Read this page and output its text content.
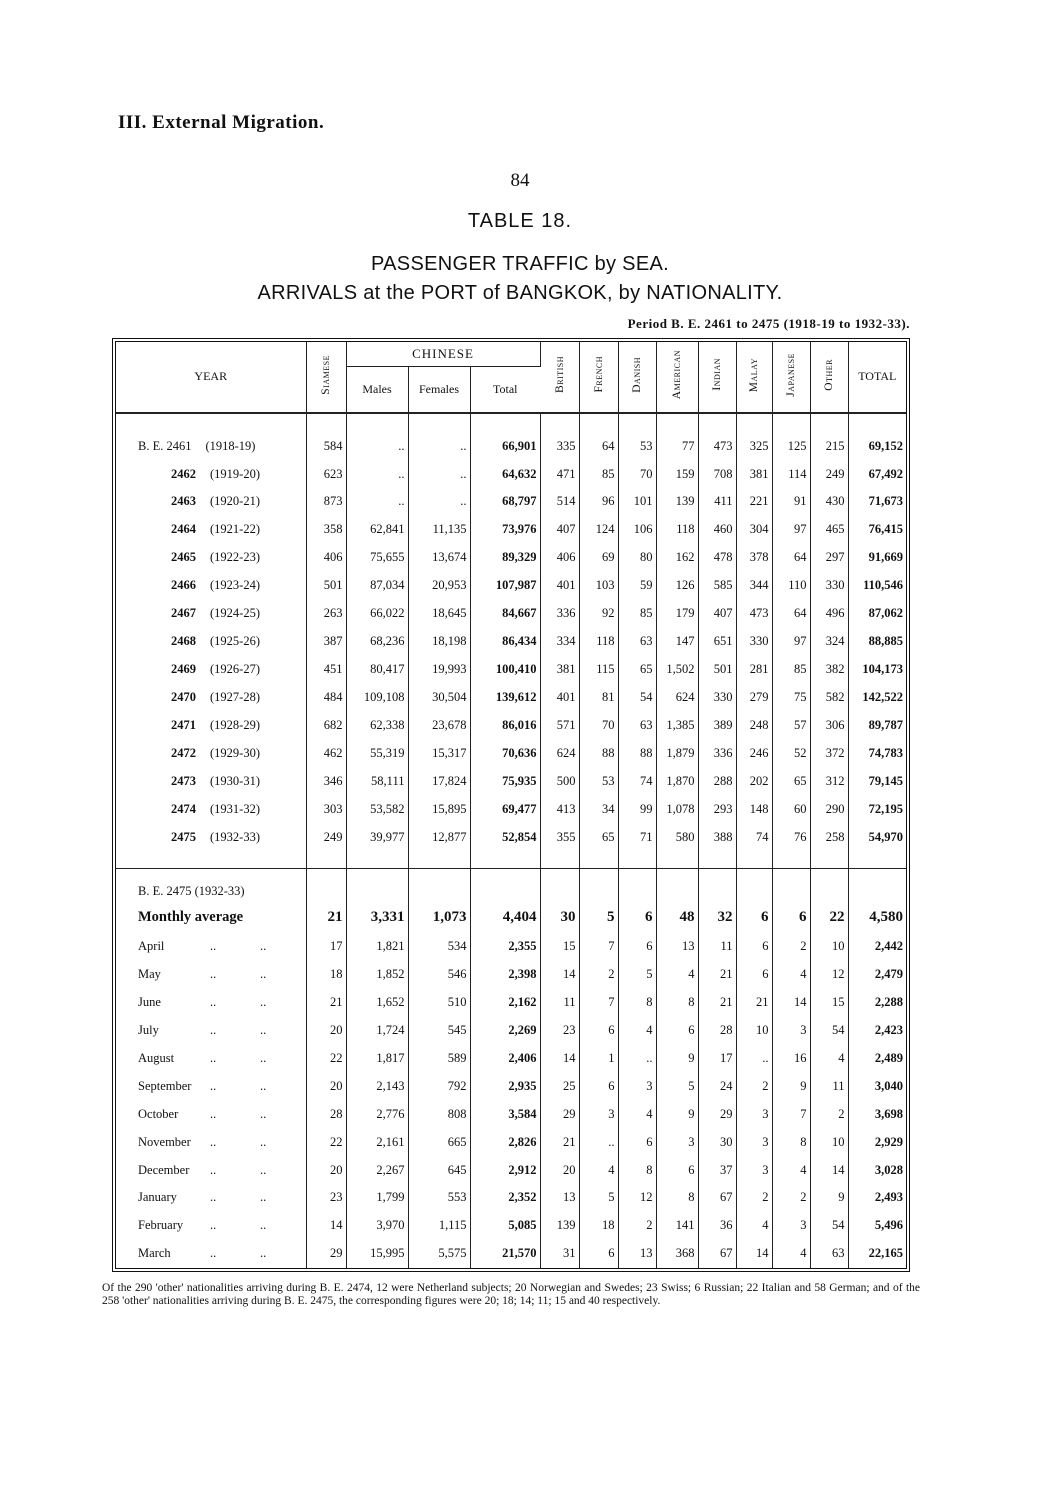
III. External Migration.
84
TABLE 18.
PASSENGER TRAFFIC by SEA.
ARRIVALS at the PORT of BANGKOK, by NATIONALITY.
Period B. E. 2461 to 2475 (1918-19 to 1932-33).
YEAR	Siamese	CHINESE			British	French	Danish	American	Indian	Malay	Japanese	Other	TOTAL
		Males	Females	Total									

B. E. 2461 (1918-19)	584	..	..	66,901	335	64	53	77	473	325	125	215	69,152
2462 (1919-20)	623	..	..	64,632	471	85	70	159	708	381	114	249	67,492
2463 (1920-21)	873	..	..	68,797	514	96	101	139	411	221	91	430	71,673
2464 (1921-22)	358	62,841	11,135	73,976	407	124	106	118	460	304	97	465	76,415
2465 (1922-23)	406	75,655	13,674	89,329	406	69	80	162	478	378	64	297	91,669
2466 (1923-24)	501	87,034	20,953	107,987	401	103	59	126	585	344	110	330	110,546
2467 (1924-25)	263	66,022	18,645	84,667	336	92	85	179	407	473	64	496	87,062
2468 (1925-26)	387	68,236	18,198	86,434	334	118	63	147	651	330	97	324	88,885
2469 (1926-27)	451	80,417	19,993	100,410	381	115	65	1,502	501	281	85	382	104,173
2470 (1927-28)	484	109,108	30,504	139,612	401	81	54	624	330	279	75	582	142,522
2471 (1928-29)	682	62,338	23,678	86,016	571	70	63	1,385	389	248	57	306	89,787
2472 (1929-30)	462	55,319	15,317	70,636	624	88	88	1,879	336	246	52	372	74,783
2473 (1930-31)	346	58,111	17,824	75,935	500	53	74	1,870	288	202	65	312	79,145
2474 (1931-32)	303	53,582	15,895	69,477	413	34	99	1,078	293	148	60	290	72,195
2475 (1932-33)	249	39,977	12,877	52,854	355	65	71	580	388	74	76	258	54,970

B. E. 2475 (1932-33)													
Monthly average	21	3,331	1,073	4,404	30	5	6	48	32	6	6	22	4,580
April .. ..	17	1,821	534	2,355	15	7	6	13	11	6	2	10	2,442
May .. ..	18	1,852	546	2,398	14	2	5	4	21	6	4	12	2,479
June .. ..	21	1,652	510	2,162	11	7	8	8	21	21	14	15	2,288
July .. ..	20	1,724	545	2,269	23	6	4	6	28	10	3	54	2,423
August .. ..	22	1,817	589	2,406	14	1	..	9	17	..	16	4	2,489
September .. ..	20	2,143	792	2,935	25	6	3	5	24	2	9	11	3,040
October .. ..	28	2,776	808	3,584	29	3	4	9	29	3	7	2	3,698
November .. ..	22	2,161	665	2,826	21	..	6	3	30	3	8	10	2,929
December .. ..	20	2,267	645	2,912	20	4	8	6	37	3	4	14	3,028
January .. ..	23	1,799	553	2,352	13	5	12	8	67	2	2	9	2,493
February .. ..	14	3,970	1,115	5,085	139	18	2	141	36	4	3	54	5,496
March .. ..	29	15,995	5,575	21,570	31	6	13	368	67	14	4	63	22,165
Of the 290 'other' nationalities arriving during B. E. 2474, 12 were Netherland subjects; 20 Norwegian and Swedes; 23 Swiss; 6 Russian; 22 Italian and 58 German; and of the 258 'other' nationalities arriving during B. E. 2475, the corresponding figures were 20; 18; 14; 11; 15 and 40 respectively.
